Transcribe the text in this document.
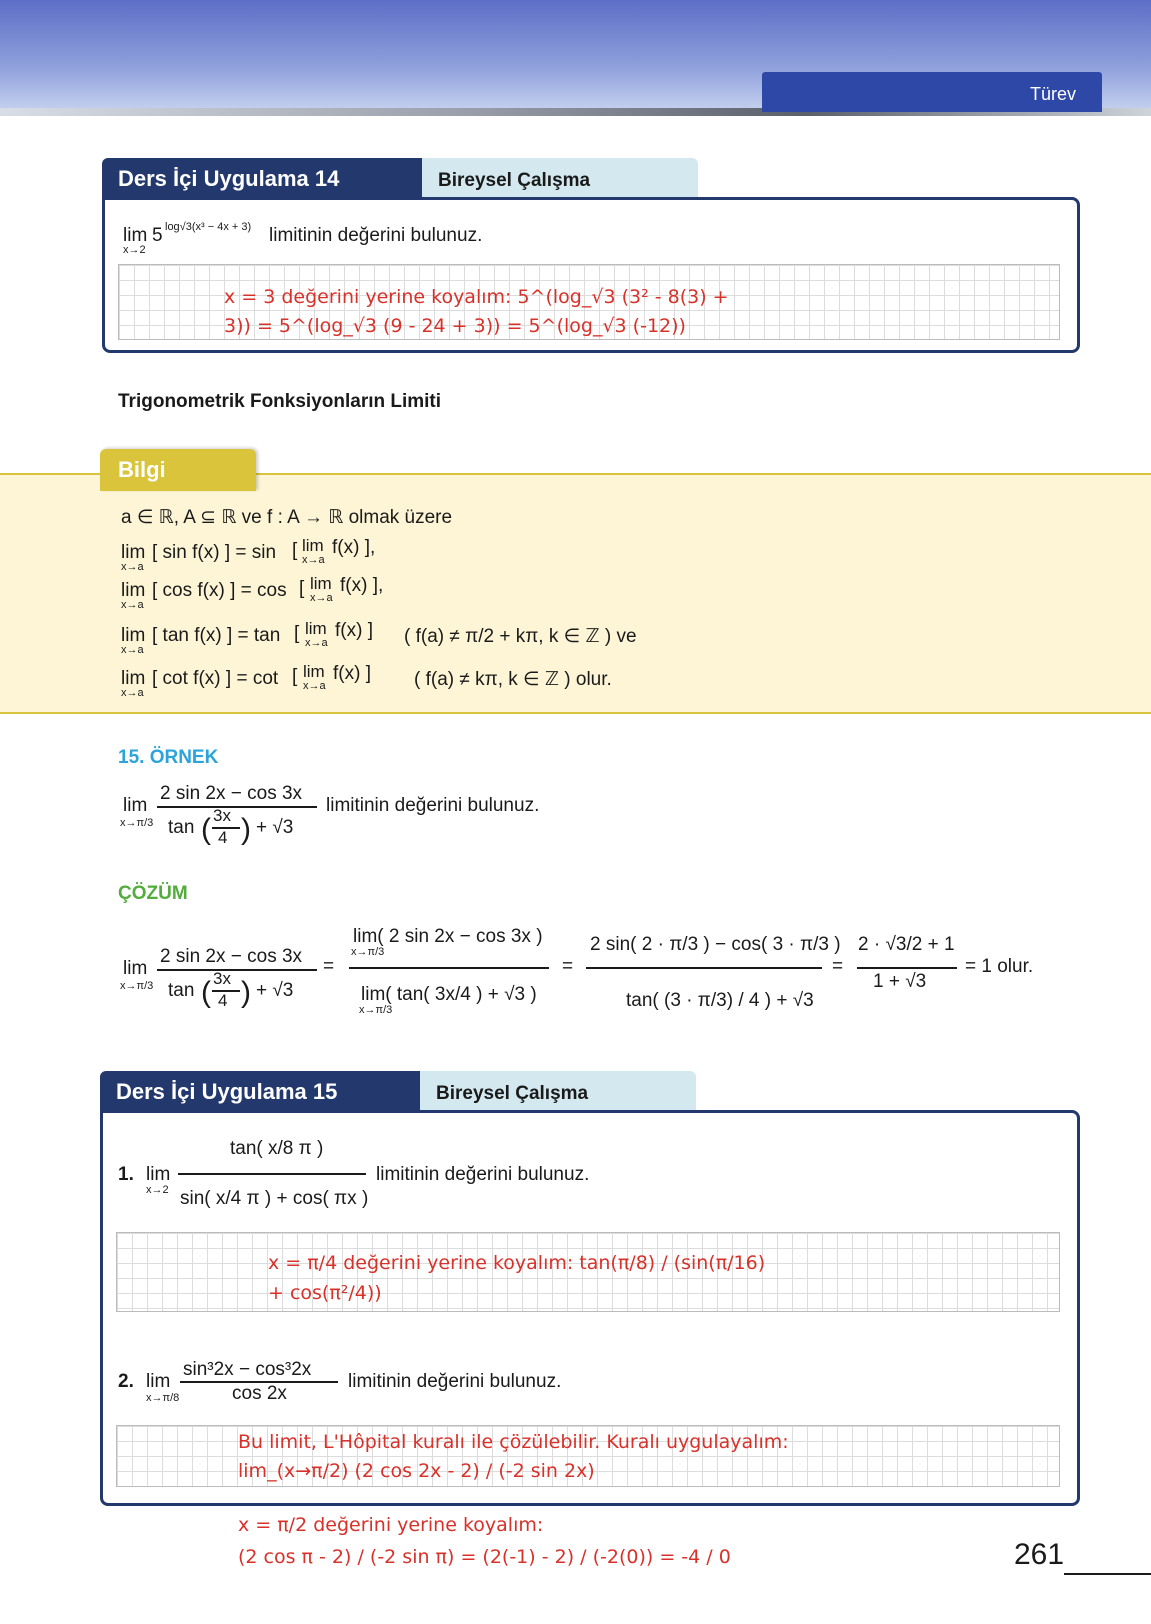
Türev
Ders İçi Uygulama 14	Bireysel Çalışma
lim
x→2
5 log√3(x³ − 4x + 3) limitinin değerini bulunuz.
x = 3 değerini yerine koyalım: 5^(log_√3 (3² - 8(3) +
3)) = 5^(log_√3 (9 - 24 + 3)) = 5^(log_√3 (-12))
Trigonometrik Fonksiyonların Limiti
Bilgi
a ∈ ℝ, A ⊆ ℝ ve f : A → ℝ olmak üzere
lim
x→a
[ sin f(x) ] = sin [ lim
x→a
f(x) ],
lim
x→a
[ cos f(x) ] = cos [ lim
x→a
f(x) ],
lim
x→a
[ tan f(x) ] = tan [ lim
x→a
f(x) ] ( f(a) ≠ π/2 + kπ, k ∈ ℤ ) ve
lim
x→a
[ cot f(x) ] = cot [ lim
x→a
f(x) ] ( f(a) ≠ kπ, k ∈ ℤ ) olur.
15. ÖRNEK
lim
x→π/3
2 sin 2x − cos 3x
tan ( 3x
4 ) + √3
limitinin değerini bulunuz.
ÇÖZÜM
lim
x→π/3
2 sin 2x − cos 3x
tan ( 3x
4 ) + √3
=
lim( 2 sin 2x − cos 3x )
x→π/3
lim( tan( 3x/4 ) + √3 )
x→π/3
=
2 sin( 2 · π/3 ) − cos( 3 · π/3 )
tan( (3 · π/3) / 4 ) + √3
=
2 · √3/2 + 1
1 + √3
= 1 olur.
Ders İçi Uygulama 15	Bireysel Çalışma
1. lim
x→2
tan( x/8 π )
sin( x/4 π ) + cos( πx )
limitinin değerini bulunuz.
x = π/4 değerini yerine koyalım: tan(π/8) / (sin(π/16)
+ cos(π²/4))
2. lim
x→π/8
sin³2x − cos³2x
cos 2x
limitinin değerini bulunuz.
Bu limit, L'Hôpital kuralı ile çözülebilir. Kuralı uygulayalım:
lim_(x→π/2) (2 cos 2x - 2) / (-2 sin 2x)
x = π/2 değerini yerine koyalım:
(2 cos π - 2) / (-2 sin π) = (2(-1) - 2) / (-2(0)) = -4 / 0	261
